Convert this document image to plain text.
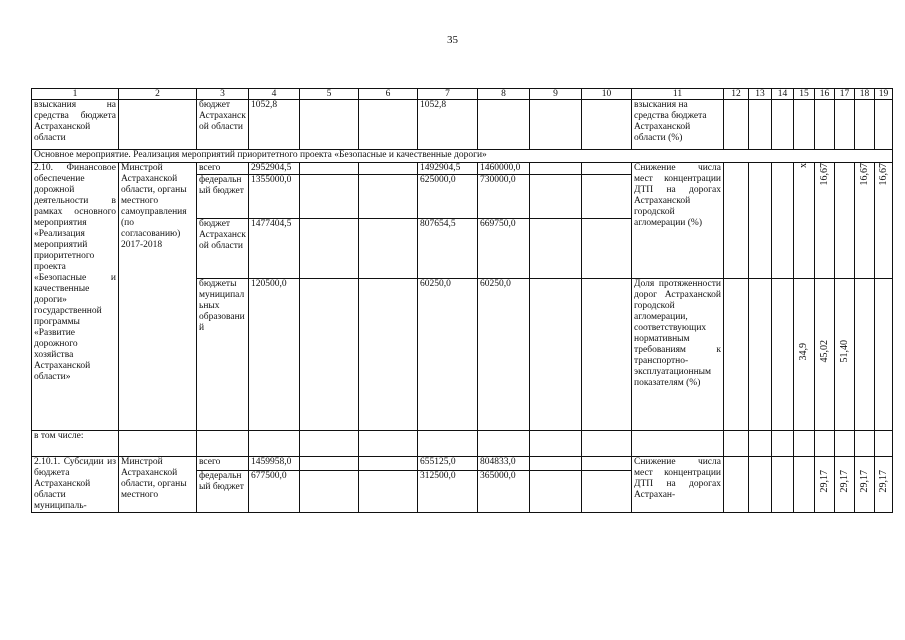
35
1	2	3	4	5	6	7	8	9	10	11	12	13	14	15	16	17	18	19
взыскания на средства бюджета Астраханской области		бюджет Астраханской области	1052,8			1052,8				взыскания на средства бюджета Астраханской области (%)								
Основное мероприятие. Реализация мероприятий приоритетного проекта «Безопасные и качественные дороги»																		
2.10. Финансовое обеспечение дорожной деятельности в рамках основного мероприятия «Реализация мероприятий приоритетного проекта «Безопасные и качественные дороги» государственной программы «Развитие дорожного хозяйства Астраханской области»	Минстрой Астраханской области, органы местного самоуправления (по согласованию) 2017-2018	всего	2952904,5			1492904,5	1460000,0			Снижение числа мест концентрации ДТП на дорогах Астраханской городской агломерации (%)				х	16,67		16,67	16,67
		федеральный бюджет	1355000,0			625000,0	730000,0											
		бюджет Астраханской области	1477404,5			807654,5	669750,0											
		бюджеты муниципальных образований	120500,0			60250,0	60250,0			Доля протяженности дорог Астраханской городской агломерации, соответствующих нормативным требованиям к транспортно-эксплуатационным показателям (%)				34,9	45,02	51,40		
в том числе:																		
2.10.1. Субсидии из бюджета Астраханской области муниципаль-	Минстрой Астраханской области, органы местного	всего	1459958,0			655125,0	804833,0			Снижение числа мест концентрации ДТП на дорогах Астрахан-					29,17	29,17	29,17	29,17
		федеральный бюджет	677500,0			312500,0	365000,0											
